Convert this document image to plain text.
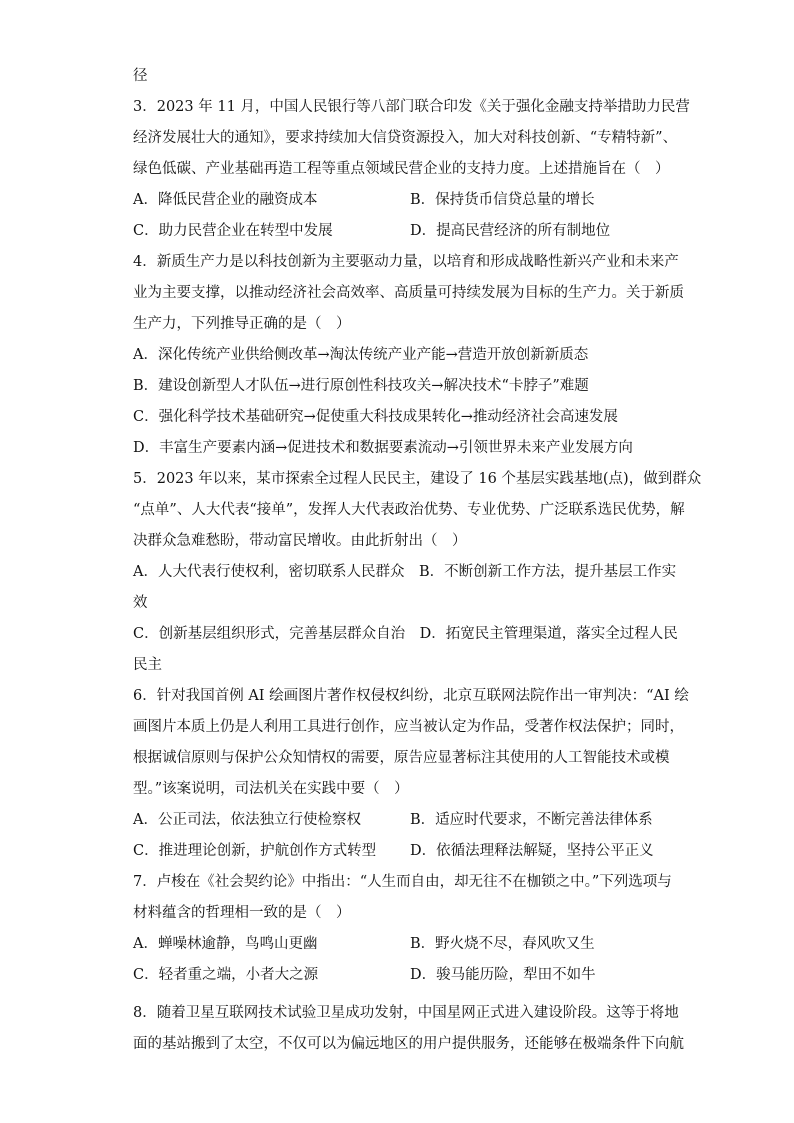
径
3．2023 年 11 月，中国人民银行等八部门联合印发《关于强化金融支持举措助力民营
经济发展壮大的通知》，要求持续加大信贷资源投入，加大对科技创新、“专精特新”、
绿色低碳、产业基础再造工程等重点领域民营企业的支持力度。上述措施旨在（　）
A．降低民营企业的融资成本	B．保持货币信贷总量的增长
C．助力民营企业在转型中发展	D．提高民营经济的所有制地位
4．新质生产力是以科技创新为主要驱动力量，以培育和形成战略性新兴产业和未来产
业为主要支撑，以推动经济社会高效率、高质量可持续发展为目标的生产力。关于新质
生产力，下列推导正确的是（　）
A．深化传统产业供给侧改革→淘汰传统产业产能→营造开放创新新质态
B．建设创新型人才队伍→进行原创性科技攻关→解决技术“卡脖子”难题
C．强化科学技术基础研究→促使重大科技成果转化→推动经济社会高速发展
D．丰富生产要素内涵→促进技术和数据要素流动→引领世界未来产业发展方向
5．2023 年以来，某市探索全过程人民民主，建设了 16 个基层实践基地(点)，做到群众
“点单”、人大代表“接单”，发挥人大代表政治优势、专业优势、广泛联系选民优势，解
决群众急难愁盼，带动富民增收。由此折射出（　）
A．人大代表行使权利，密切联系人民群众　B．不断创新工作方法，提升基层工作实
效
C．创新基层组织形式，完善基层群众自治　D．拓宽民主管理渠道，落实全过程人民
民主
6．针对我国首例 AI 绘画图片著作权侵权纠纷，北京互联网法院作出一审判决：“AI 绘
画图片本质上仍是人利用工具进行创作，应当被认定为作品，受著作权法保护；同时，
根据诚信原则与保护公众知情权的需要，原告应显著标注其使用的人工智能技术或模
型。”该案说明，司法机关在实践中要（　）
A．公正司法，依法独立行使检察权	B．适应时代要求，不断完善法律体系
C．推进理论创新，护航创作方式转型 D．依循法理释法解疑，坚持公平正义
7．卢梭在《社会契约论》中指出：“人生而自由，却无往不在枷锁之中。”下列选项与
材料蕴含的哲理相一致的是（　）
A．蝉噪林逾静，鸟鸣山更幽	B．野火烧不尽，春风吹又生
C．轻者重之端，小者大之源	D．骏马能历险，犁田不如牛
8．随着卫星互联网技术试验卫星成功发射，中国星网正式进入建设阶段。这等于将地
面的基站搬到了太空，不仅可以为偏远地区的用户提供服务，还能够在极端条件下向航
